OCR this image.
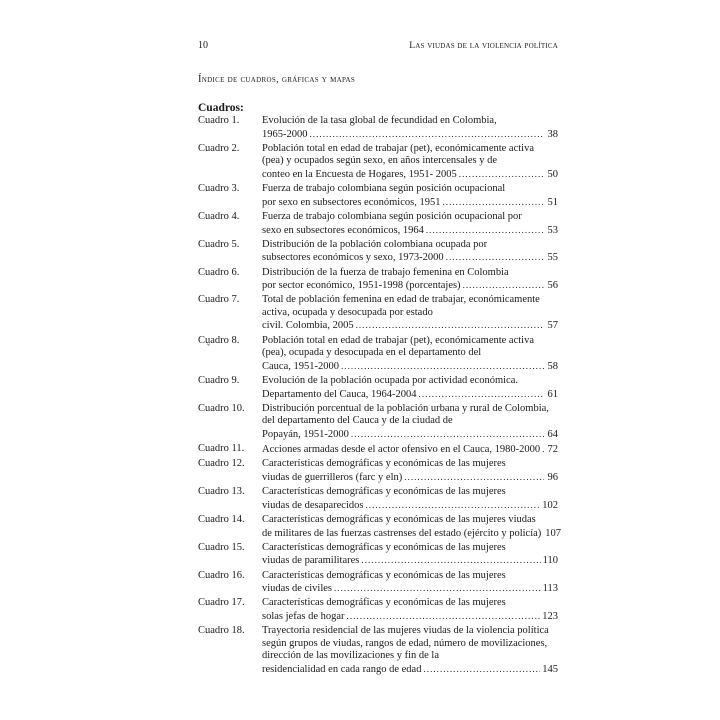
10	Las viudas de la violencia política
Índice de cuadros, gráficas y mapas
Cuadros:
Cuadro 1.	Evolución de la tasa global de fecundidad en Colombia,
1965-2000 . . .	38
Cuadro 2.	Población total en edad de trabajar (pet), económicamente activa (pea) y ocupados según sexo, en años intercensales y de
conteo en la Encuesta de Hogares, 1951- 2005 . . .	50
Cuadro 3.	Fuerza de trabajo colombiana según posición ocupacional
por sexo en subsectores económicos, 1951 . . .	51
Cuadro 4.	Fuerza de trabajo colombiana según posición ocupacional por
sexo en subsectores económicos, 1964 . . .	53
Cuadro 5.	Distribución de la población colombiana ocupada por
subsectores económicos y sexo, 1973-2000 . . .	55
Cuadro 6.	Distribución de la fuerza de trabajo femenina en Colombia
por sector económico, 1951-1998 (porcentajes) . . .	56
Cuadro 7.	Total de población femenina en edad de trabajar, económicamente activa, ocupada y desocupada por estado
civil. Colombia, 2005 . . .	57
Cuadro 8.	Población total en edad de trabajar (pet), económicamente activa (pea), ocupada y desocupada en el departamento del
Cauca, 1951-2000 . . .	58
Cuadro 9.	Evolución de la población ocupada por actividad económica.
Departamento del Cauca, 1964-2004 . . .	61
Cuadro 10.	Distribución porcentual de la población urbana y rural de Colombia, del departamento del Cauca y de la ciudad de
Popayán, 1951-2000 . . .	64
Cuadro 11.	Acciones armadas desde el actor ofensivo en el Cauca, 1980-2000 . . . 72
Cuadro 12.	Características demográficas y económicas de las mujeres
viudas de guerrilleros (farc y eln) . . .	96
Cuadro 13.	Características demográficas y económicas de las mujeres
viudas de desaparecidos . . .	102
Cuadro 14.	Características demográficas y económicas de las mujeres viudas
de militares de las fuerzas castrenses del estado (ejército y policía) 107
Cuadro 15.	Características demográficas y económicas de las mujeres
viudas de paramilitares . . .	110
Cuadro 16.	Características demográficas y económicas de las mujeres
viudas de civiles . . .	113
Cuadro 17.	Características demográficas y económicas de las mujeres
solas jefas de hogar . . .	123
Cuadro 18.	Trayectoria residencial de las mujeres viudas de la violencia política según grupos de viudas, rangos de edad, número de movilizaciones, dirección de las movilizaciones y fin de la
residencialidad en cada rango de edad . . .	145
ˇ
